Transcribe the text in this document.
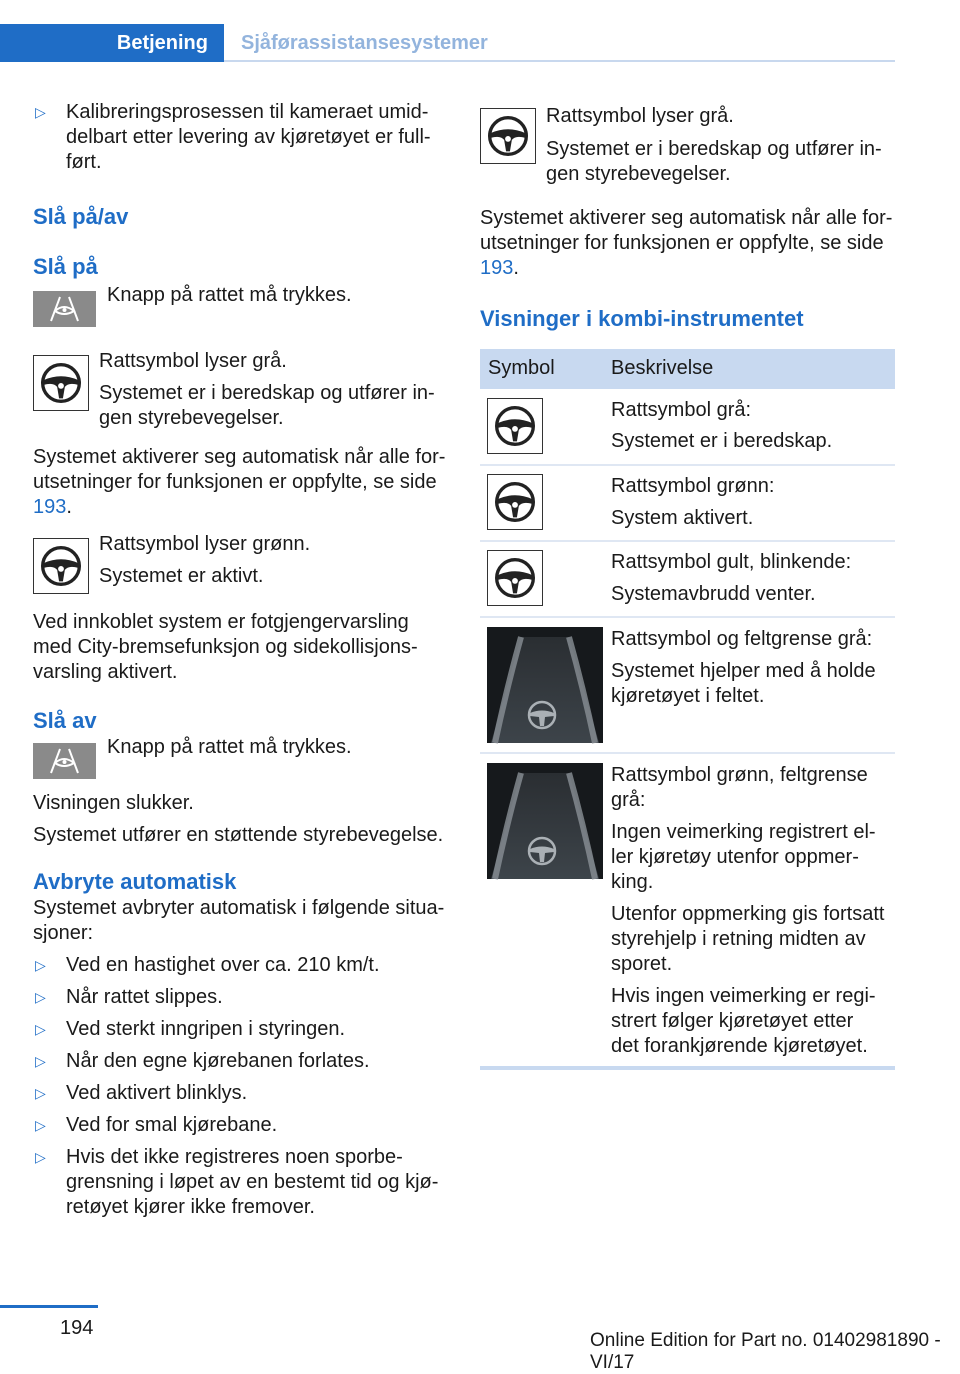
Betjening	Sjåførassistansesystemer
▷ Kalibreringsprosessen til kameraet umiddelbart etter levering av kjøretøyet er fullført.
Slå på/av
Slå på

Knapp på rattet må trykkes.

Rattsymbol lyser grå.

Systemet er i beredskap og utfører ingen styrebevegelser.

Systemet aktiverer seg automatisk når alle forutsetninger for funksjonen er oppfylte, se side 193.

Rattsymbol lyser grønn.

Systemet er aktivt.

Ved innkoblet system er fotgjengervarsling med City-bremsefunksjon og sidekollisjonsvarsling aktivert.

Slå av

Knapp på rattet må trykkes.

Visningen slukker.

Systemet utfører en støttende styrebevegelse.

Avbryte automatisk

Systemet avbryter automatisk i følgende situasjoner:

▷ Ved en hastighet over ca. 210 km/t.
▷ Når rattet slippes.
▷ Ved sterkt inngripen i styringen.
▷ Når den egne kjørebanen forlates.
▷ Ved aktivert blinklys.
▷ Ved for smal kjørebane.
▷ Hvis det ikke registreres noen sporbegrensning i løpet av en bestemt tid og kjøretøyet kjører ikke fremover.

Rattsymbol lyser grå.

Systemet er i beredskap og utfører ingen styrebevegelser.

Systemet aktiverer seg automatisk når alle forutsetninger for funksjonen er oppfylte, se side 193.

Visninger i kombi-instrumentet
Symbol	Beskrivelse

Rattsymbol grå:

Systemet er i beredskap.

Rattsymbol grønn:

System aktivert.

Rattsymbol gult, blinkende:

Systemavbrudd venter.

Rattsymbol og feltgrense grå:

Systemet hjelper med å holde kjøretøyet i feltet.

Rattsymbol grønn, feltgrense grå:

Ingen veimerking registrert eller kjøretøy utenfor oppmerking.

Utenfor oppmerking gis fortsatt styrehjelp i retning midten av sporet.

Hvis ingen veimerking er registrert følger kjøretøyet etter det forankjørende kjøretøyet.

194
Online Edition for Part no. 01402981890 - VI/17
